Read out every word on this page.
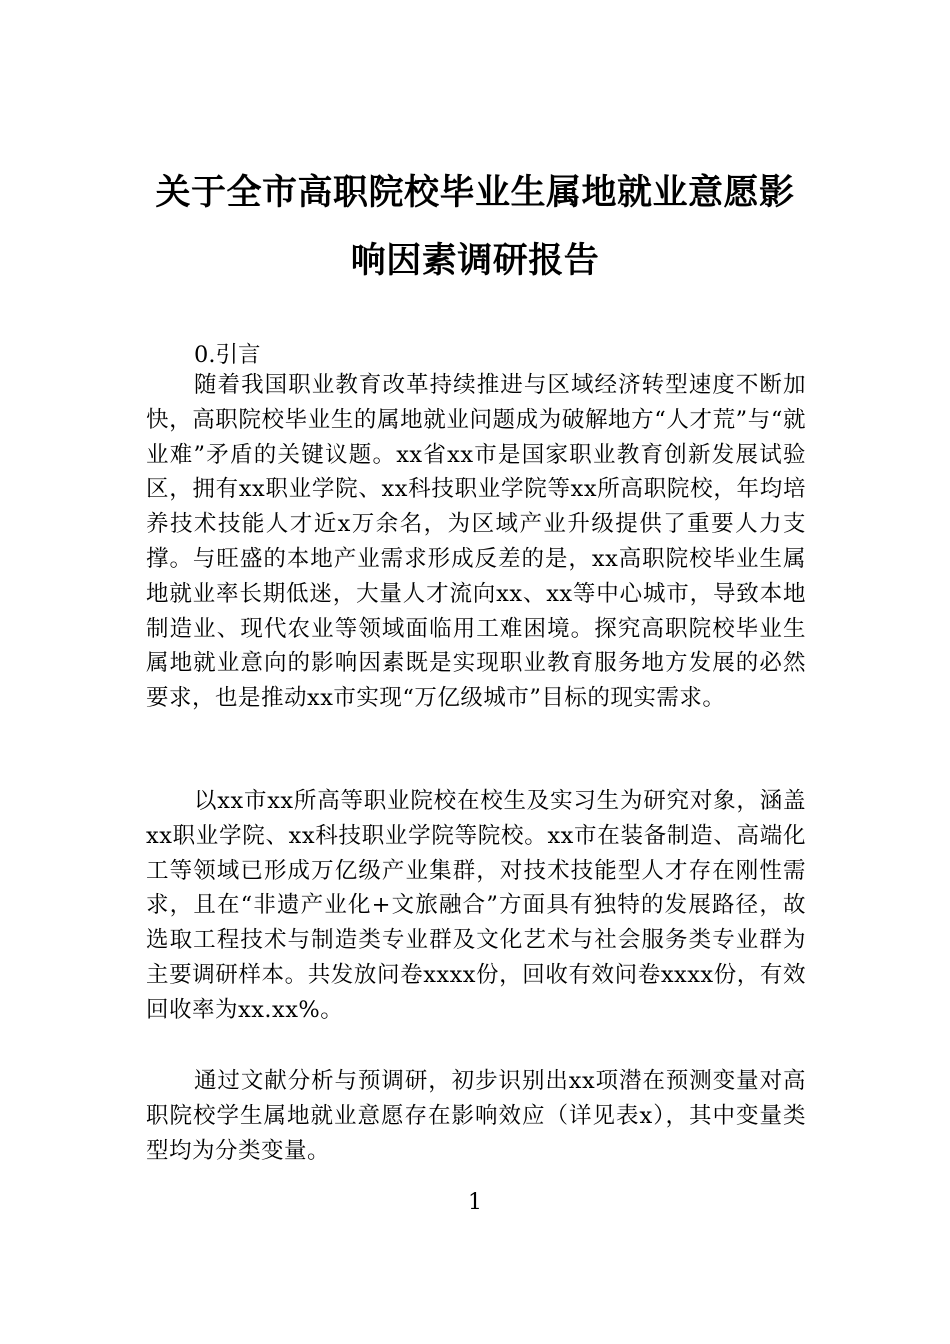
关于全市高职院校毕业生属地就业意愿影
响因素调研报告
0.引言

随着我国职业教育改革持续推进与区域经济转型速度不断加快，高职院校毕业生的属地就业问题成为破解地方“人才荒”与“就业难”矛盾的关键议题。xx省xx市是国家职业教育创新发展试验区，拥有xx职业学院、xx科技职业学院等xx所高职院校，年均培养技术技能人才近x万余名，为区域产业升级提供了重要人力支撑。与旺盛的本地产业需求形成反差的是，xx高职院校毕业生属地就业率长期低迷，大量人才流向xx、xx等中心城市，导致本地制造业、现代农业等领域面临用工难困境。探究高职院校毕业生属地就业意向的影响因素既是实现职业教育服务地方发展的必然要求，也是推动xx市实现“万亿级城市”目标的现实需求。

以xx市xx所高等职业院校在校生及实习生为研究对象，涵盖xx职业学院、xx科技职业学院等院校。xx市在装备制造、高端化工等领域已形成万亿级产业集群，对技术技能型人才存在刚性需求，且在“非遗产业化+文旅融合”方面具有独特的发展路径，故选取工程技术与制造类专业群及文化艺术与社会服务类专业群为主要调研样本。共发放问卷xxxx份，回收有效问卷xxxx份，有效回收率为xx.xx%。

通过文献分析与预调研，初步识别出xx项潜在预测变量对高职院校学生属地就业意愿存在影响效应（详见表x），其中变量类型均为分类变量。

1
